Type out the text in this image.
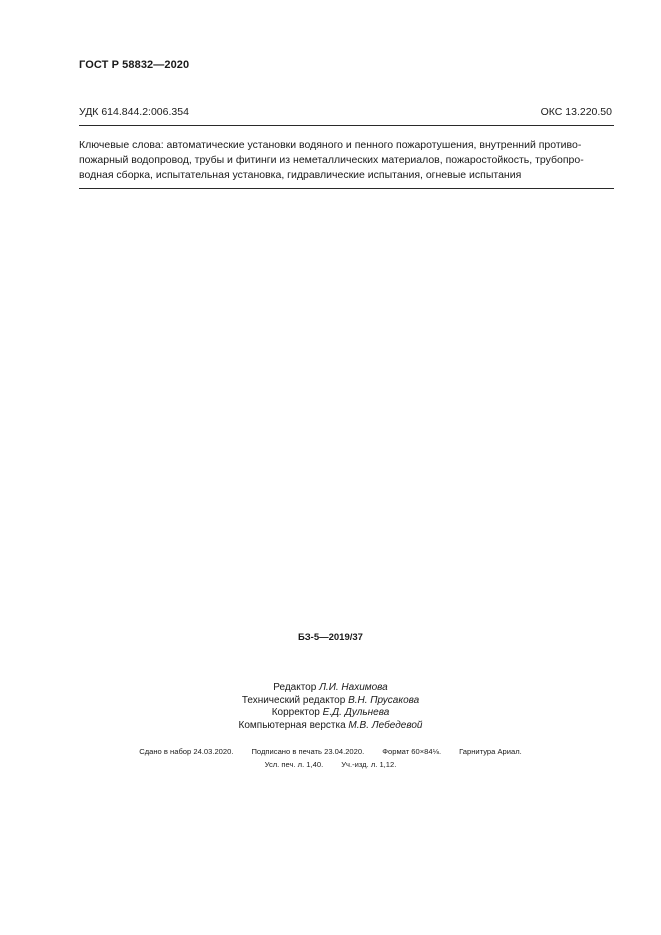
ГОСТ Р 58832—2020
УДК 614.844.2:006.354	ОКС 13.220.50
Ключевые слова: автоматические установки водяного и пенного пожаротушения, внутренний противо-
пожарный водопровод, трубы и фитинги из неметаллических материалов, пожаростойкость, трубопро-
водная сборка, испытательная установка, гидравлические испытания, огневые испытания
БЗ-5—2019/37
Редактор Л.И. Нахимова
Технический редактор В.Н. Прусакова
Корректор Е.Д. Дульнева
Компьютерная верстка М.В. Лебедевой
Сдано в набор 24.03.2020. Подписано в печать 23.04.2020. Формат 60×84⅛. Гарнитура Ариал.
Усл. печ. л. 1,40. Уч.-изд. л. 1,12.
